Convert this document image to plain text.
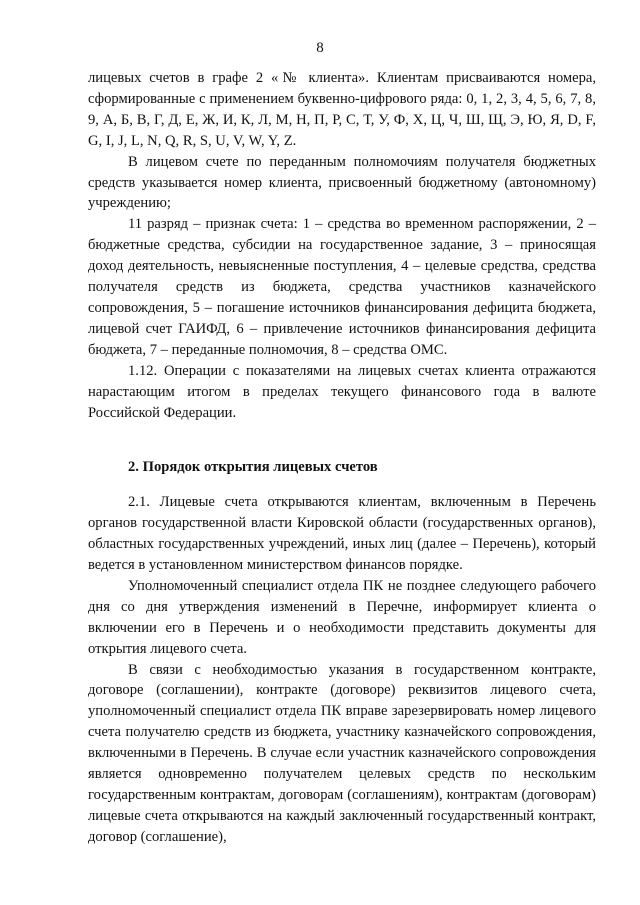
8

лицевых счетов в графе 2 «№ клиента». Клиентам присваиваются номера, сформированные с применением буквенно-цифрового ряда: 0, 1, 2, 3, 4, 5, 6, 7, 8, 9, А, Б, В, Г, Д, Е, Ж, И, К, Л, М, Н, П, Р, С, Т, У, Ф, Х, Ц, Ч, Ш, Щ, Э, Ю, Я, D, F, G, I, J, L, N, Q, R, S, U, V, W, Y, Z.

В лицевом счете по переданным полномочиям получателя бюджетных средств указывается номер клиента, присвоенный бюджетному (автономному) учреждению;

11 разряд – признак счета: 1 – средства во временном распоряжении, 2 – бюджетные средства, субсидии на государственное задание, 3 – приносящая доход деятельность, невыясненные поступления, 4 – целевые средства, средства получателя средств из бюджета, средства участников казначейского сопровождения, 5 – погашение источников финансирования дефицита бюджета, лицевой счет ГАИФД, 6 – привлечение источников финансирования дефицита бюджета, 7 – переданные полномочия, 8 – средства ОМС.

1.12. Операции с показателями на лицевых счетах клиента отражаются нарастающим итогом в пределах текущего финансового года в валюте Российской Федерации.

2. Порядок открытия лицевых счетов

2.1. Лицевые счета открываются клиентам, включенным в Перечень органов государственной власти Кировской области (государственных органов), областных государственных учреждений, иных лиц (далее – Перечень), который ведется в установленном министерством финансов порядке.

Уполномоченный специалист отдела ПК не позднее следующего рабочего дня со дня утверждения изменений в Перечне, информирует клиента о включении его в Перечень и о необходимости представить документы для открытия лицевого счета.

В связи с необходимостью указания в государственном контракте, договоре (соглашении), контракте (договоре) реквизитов лицевого счета, уполномоченный специалист отдела ПК вправе зарезервировать номер лицевого счета получателю средств из бюджета, участнику казначейского сопровождения, включенными в Перечень. В случае если участник казначейского сопровождения является одновременно получателем целевых средств по нескольким государственным контрактам, договорам (соглашениям), контрактам (договорам) лицевые счета открываются на каждый заключенный государственный контракт, договор (соглашение),
